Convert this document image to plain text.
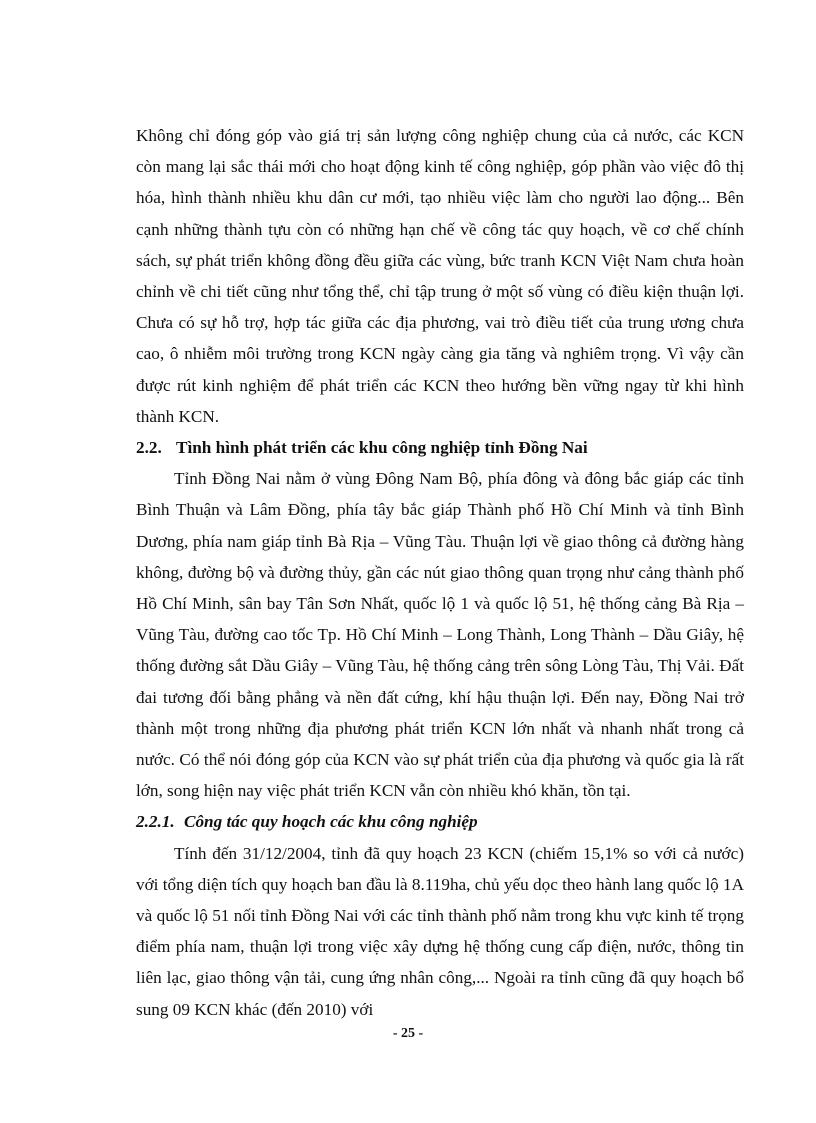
Không chỉ đóng góp vào giá trị sản lượng công nghiệp chung của cả nước, các KCN còn mang lại sắc thái mới cho hoạt động kinh tế công nghiệp, góp phần vào việc đô thị hóa, hình thành nhiều khu dân cư mới, tạo nhiều việc làm cho người lao động... Bên cạnh những thành tựu còn có những hạn chế về công tác quy hoạch, về cơ chế chính sách, sự phát triển không đồng đều giữa các vùng, bức tranh KCN Việt Nam chưa hoàn chỉnh về chi tiết cũng như tổng thể, chỉ tập trung ở một số vùng có điều kiện thuận lợi. Chưa có sự hỗ trợ, hợp tác giữa các địa phương, vai trò điều tiết của trung ương chưa cao, ô nhiễm môi trường trong KCN ngày càng gia tăng và nghiêm trọng. Vì vậy cần được rút kinh nghiệm để phát triển các KCN theo hướng bền vững ngay từ khi hình thành KCN.

2.2. Tình hình phát triển các khu công nghiệp tỉnh Đồng Nai

Tỉnh Đồng Nai nằm ở vùng Đông Nam Bộ, phía đông và đông bắc giáp các tỉnh Bình Thuận và Lâm Đồng, phía tây bắc giáp Thành phố Hồ Chí Minh và tỉnh Bình Dương, phía nam giáp tỉnh Bà Rịa – Vũng Tàu. Thuận lợi về giao thông cả đường hàng không, đường bộ và đường thủy, gần các nút giao thông quan trọng như cảng thành phố Hồ Chí Minh, sân bay Tân Sơn Nhất, quốc lộ 1 và quốc lộ 51, hệ thống cảng Bà Rịa – Vũng Tàu, đường cao tốc Tp. Hồ Chí Minh – Long Thành, Long Thành – Dầu Giây, hệ thống đường sắt Dầu Giây – Vũng Tàu, hệ thống cảng trên sông Lòng Tàu, Thị Vải. Đất đai tương đối bằng phẳng và nền đất cứng, khí hậu thuận lợi. Đến nay, Đồng Nai trở thành một trong những địa phương phát triển KCN lớn nhất và nhanh nhất trong cả nước. Có thể nói đóng góp của KCN vào sự phát triển của địa phương và quốc gia là rất lớn, song hiện nay việc phát triển KCN vẫn còn nhiều khó khăn, tồn tại.

2.2.1. Công tác quy hoạch các khu công nghiệp

Tính đến 31/12/2004, tỉnh đã quy hoạch 23 KCN (chiếm 15,1% so với cả nước) với tổng diện tích quy hoạch ban đầu là 8.119ha, chủ yếu dọc theo hành lang quốc lộ 1A và quốc lộ 51 nối tỉnh Đồng Nai với các tỉnh thành phố nằm trong khu vực kinh tế trọng điểm phía nam, thuận lợi trong việc xây dựng hệ thống cung cấp điện, nước, thông tin liên lạc, giao thông vận tải, cung ứng nhân công,... Ngoài ra tỉnh cũng đã quy hoạch bổ sung 09 KCN khác (đến 2010) với

- 25 -
